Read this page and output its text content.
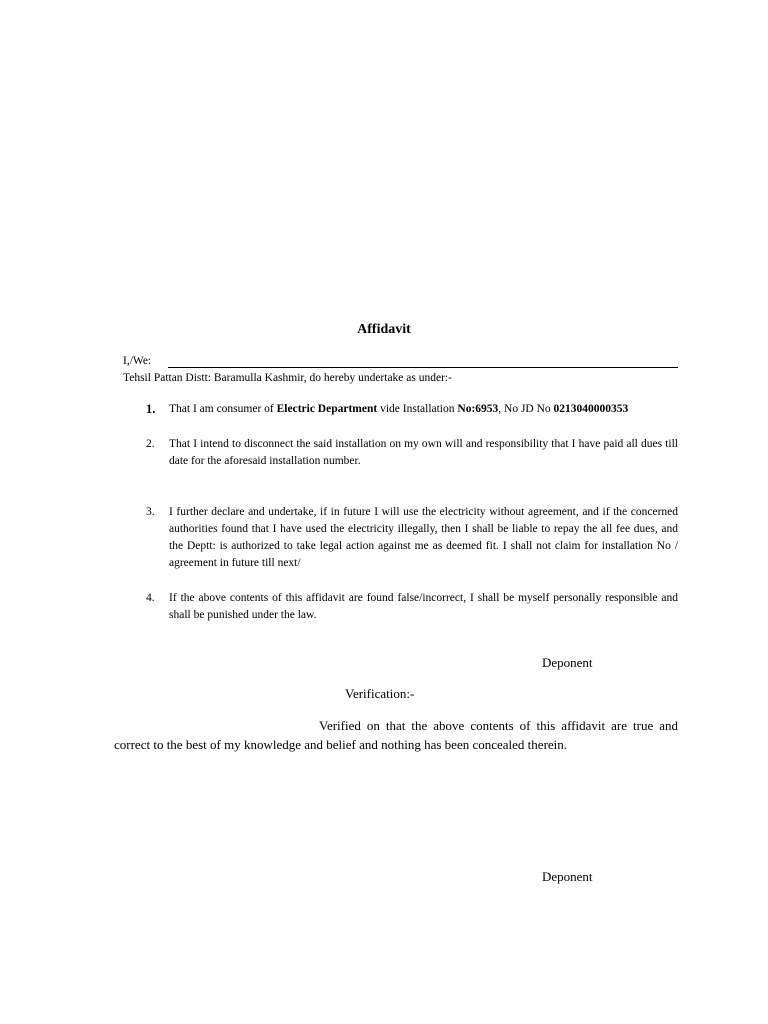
Affidavit
I,/We:
Tehsil Pattan Distt: Baramulla Kashmir, do hereby undertake as under:-
1.	That I am consumer of Electric Department vide Installation No:6953, No JD No 0213040000353
2.	That I intend to disconnect the said installation on my own will and responsibility that I have paid all dues till date for the aforesaid installation number.
3.	I further declare and undertake, if in future I will use the electricity without agreement, and if the concerned authorities found that I have used the electricity illegally, then I shall be liable to repay the all fee dues, and the Deptt: is authorized to take legal action against me as deemed fit. I shall not claim for installation No / agreement in future till next/
4.	If the above contents of this affidavit are found false/incorrect, I shall be myself personally responsible and shall be punished under the law.
Deponent
Verification:-
Verified on that the above contents of this affidavit are true and correct to the best of my knowledge and belief and nothing has been concealed therein.
Deponent
